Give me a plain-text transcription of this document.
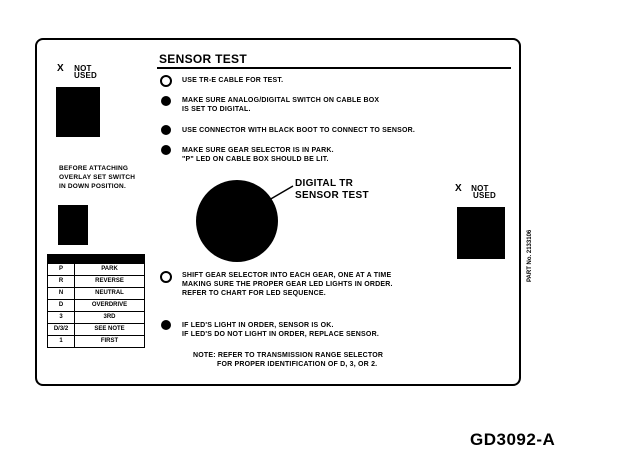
SENSOR TEST
X NOT
USED
USE TR-E CABLE FOR TEST.
MAKE SURE ANALOG/DIGITAL SWITCH ON CABLE BOX
IS SET TO DIGITAL.
USE CONNECTOR WITH BLACK BOOT TO CONNECT TO SENSOR.
MAKE SURE GEAR SELECTOR IS IN PARK.
"P" LED ON CABLE BOX SHOULD BE LIT.
BEFORE ATTACHING
OVERLAY SET SWITCH
IN DOWN POSITION.	DIGITAL TR
SENSOR TEST
X NOT
USED
P	PARK
R	REVERSE
N	NEUTRAL
D	OVERDRIVE
3	3RD
D/3/2	SEE NOTE
1	FIRST
SHIFT GEAR SELECTOR INTO EACH GEAR, ONE AT A TIME
MAKING SURE THE PROPER GEAR LED LIGHTS IN ORDER.
REFER TO CHART FOR LED SEQUENCE.
IF LED'S LIGHT IN ORDER, SENSOR IS OK.
IF LED'S DO NOT LIGHT IN ORDER, REPLACE SENSOR.
NOTE: REFER TO TRANSMISSION RANGE SELECTOR
FOR PROPER IDENTIFICATION OF D, 3, OR 2.
PART No. 2133106
GD3092-A
